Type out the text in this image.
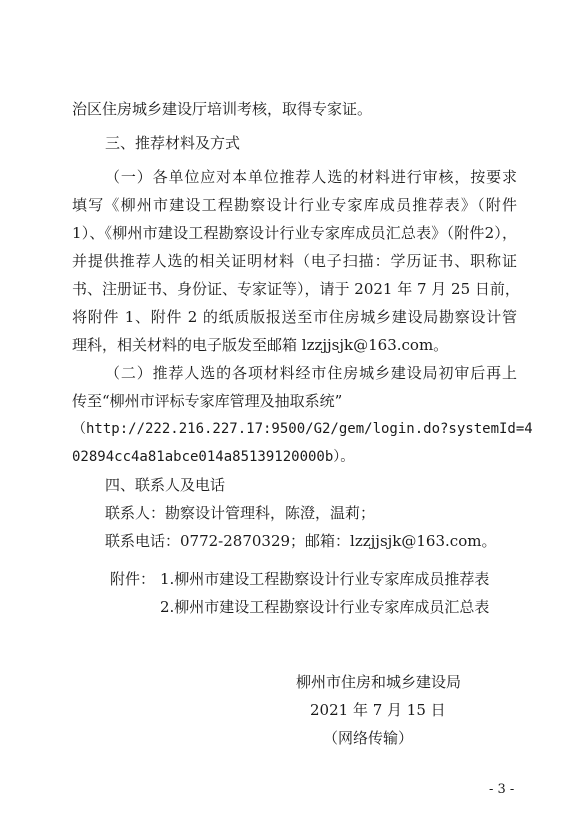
治区住房城乡建设厅培训考核，取得专家证。
三、推荐材料及方式
（一）各单位应对本单位推荐人选的材料进行审核，按要求
填写《柳州市建设工程勘察设计行业专家库成员推荐表》（附件
1）、《柳州市建设工程勘察设计行业专家库成员汇总表》（附件2），
并提供推荐人选的相关证明材料（电子扫描：学历证书、职称证
书、注册证书、身份证、专家证等），请于 2021 年 7 月 25 日前，
将附件 1、附件 2 的纸质版报送至市住房城乡建设局勘察设计管
理科，相关材料的电子版发至邮箱 lzzjjsjk@163.com。
（二）推荐人选的各项材料经市住房城乡建设局初审后再上
传至“柳州市评标专家库管理及抽取系统”
（http://222.216.227.17:9500/G2/gem/login.do?systemId=4
02894cc4a81abce014a85139120000b）。
四、联系人及电话
联系人：勘察设计管理科，陈澄，温莉；
联系电话：0772-2870329；邮箱：lzzjjsjk@163.com。
附件： 1.柳州市建设工程勘察设计行业专家库成员推荐表
2.柳州市建设工程勘察设计行业专家库成员汇总表
柳州市住房和城乡建设局
2021 年 7 月 15 日
（网络传输）
- 3 -
